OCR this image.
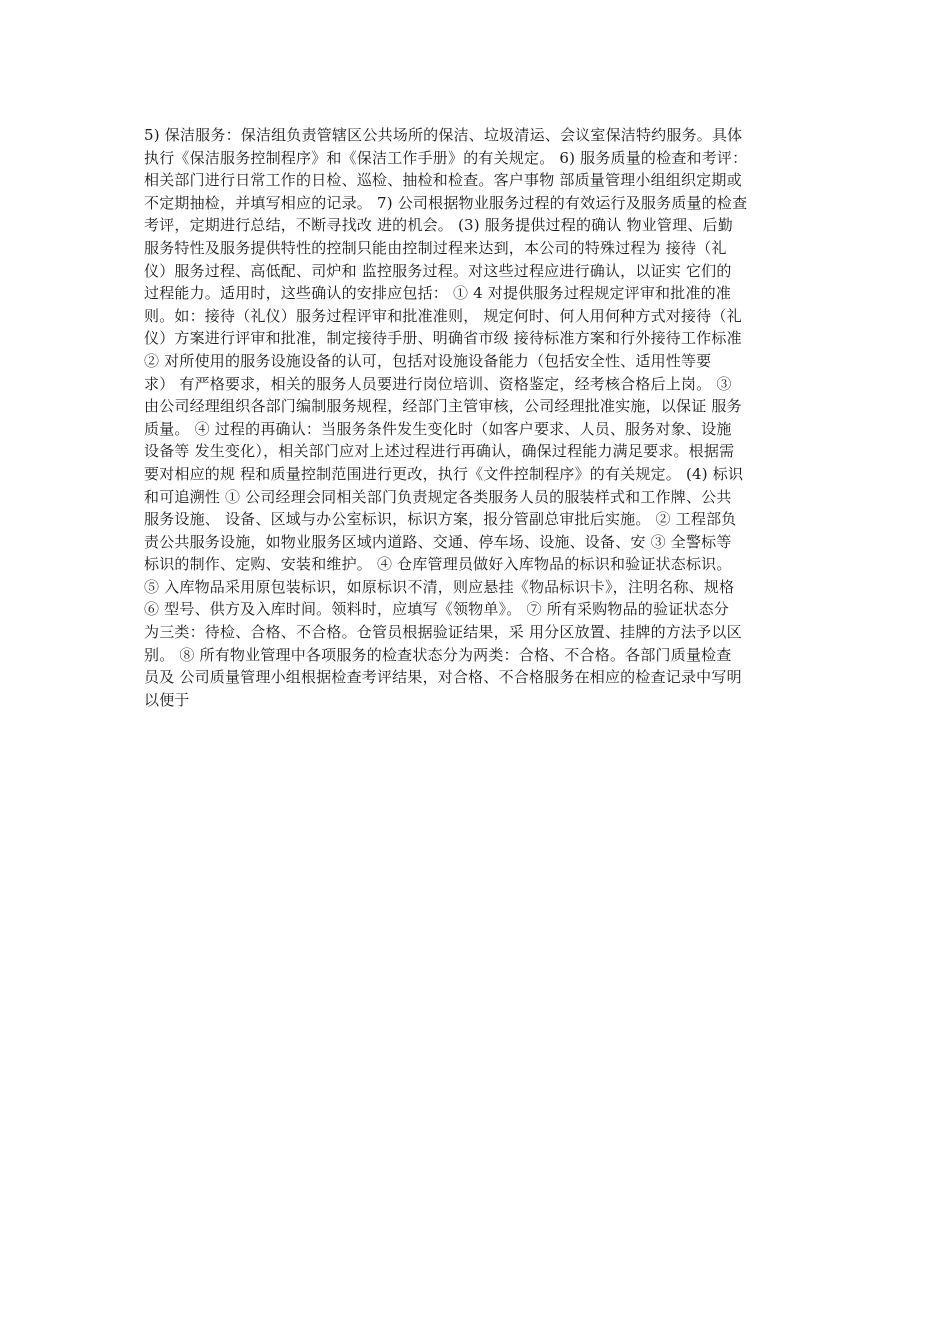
5) 保洁服务：保洁组负责管辖区公共场所的保洁、垃圾清运、会议室保洁特约服务。具体
执行《保洁服务控制程序》和《保洁工作手册》的有关规定。 6) 服务质量的检查和考评：
相关部门进行日常工作的日检、巡检、抽检和检查。客户事物 部质量管理小组组织定期或
不定期抽检，并填写相应的记录。 7) 公司根据物业服务过程的有效运行及服务质量的检查
考评，定期进行总结，不断寻找改 进的机会。 (3) 服务提供过程的确认 物业管理、后勤
服务特性及服务提供特性的控制只能由控制过程来达到，本公司的特殊过程为 接待（礼
仪）服务过程、高低配、司炉和 监控服务过程。对这些过程应进行确认，以证实 它们的
过程能力。适用时，这些确认的安排应包括： ① 4 对提供服务过程规定评审和批准的准
则。如：接待（礼仪）服务过程评审和批准准则， 规定何时、何人用何种方式对接待（礼
仪）方案进行评审和批准，制定接待手册、明确省市级 接待标准方案和行外接待工作标准
② 对所使用的服务设施设备的认可，包括对设施设备能力（包括安全性、适用性等要
求） 有严格要求，相关的服务人员要进行岗位培训、资格鉴定，经考核合格后上岗。 ③
由公司经理组织各部门编制服务规程，经部门主管审核，公司经理批准实施，以保证 服务
质量。 ④ 过程的再确认：当服务条件发生变化时（如客户要求、人员、服务对象、设施
设备等 发生变化），相关部门应对上述过程进行再确认，确保过程能力满足要求。根据需
要对相应的规 程和质量控制范围进行更改，执行《文件控制程序》的有关规定。 (4) 标识
和可追溯性 ① 公司经理会同相关部门负责规定各类服务人员的服装样式和工作牌、公共
服务设施、 设备、区域与办公室标识，标识方案，报分管副总审批后实施。 ② 工程部负
责公共服务设施，如物业服务区域内道路、交通、停车场、设施、设备、安 ③ 全警标等
标识的制作、定购、安装和维护。 ④ 仓库管理员做好入库物品的标识和验证状态标识。
⑤ 入库物品采用原包装标识，如原标识不清，则应悬挂《物品标识卡》，注明名称、规格
⑥ 型号、供方及入库时间。领料时，应填写《领物单》。 ⑦ 所有采购物品的验证状态分
为三类：待检、合格、不合格。仓管员根据验证结果，采 用分区放置、挂牌的方法予以区
别。 ⑧ 所有物业管理中各项服务的检查状态分为两类：合格、不合格。各部门质量检查
员及 公司质量管理小组根据检查考评结果，对合格、不合格服务在相应的检查记录中写明
以便于
